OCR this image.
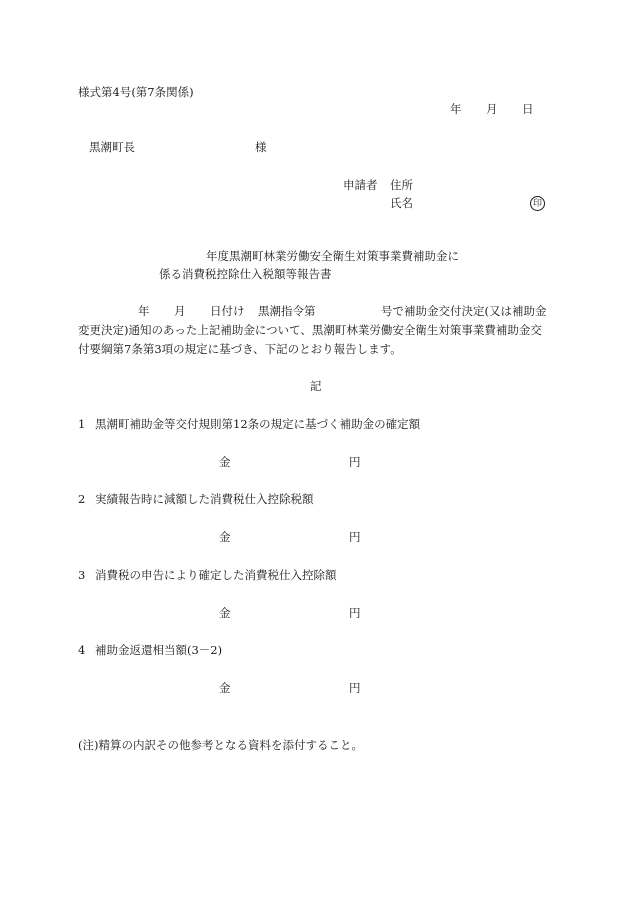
様式第4号(第7条関係)
年 月 日
黒潮町長	様
申請者 住所
氏名	印
年度黒潮町林業労働安全衛生対策事業費補助金に
係る消費税控除仕入税額等報告書
年 月 日付け 黒潮指令第	号で補助金交付決定(又は補助金
変更決定)通知のあった上記補助金について、黒潮町林業労働安全衛生対策事業費補助金交
付要綱第7条第3項の規定に基づき、下記のとおり報告します。
記
1 黒潮町補助金等交付規則第12条の規定に基づく補助金の確定額
金	円
2 実績報告時に減額した消費税仕入控除税額
金	円
3 消費税の申告により確定した消費税仕入控除額
金	円
4 補助金返還相当額(3－2)
金	円
(注)精算の内訳その他参考となる資料を添付すること。
